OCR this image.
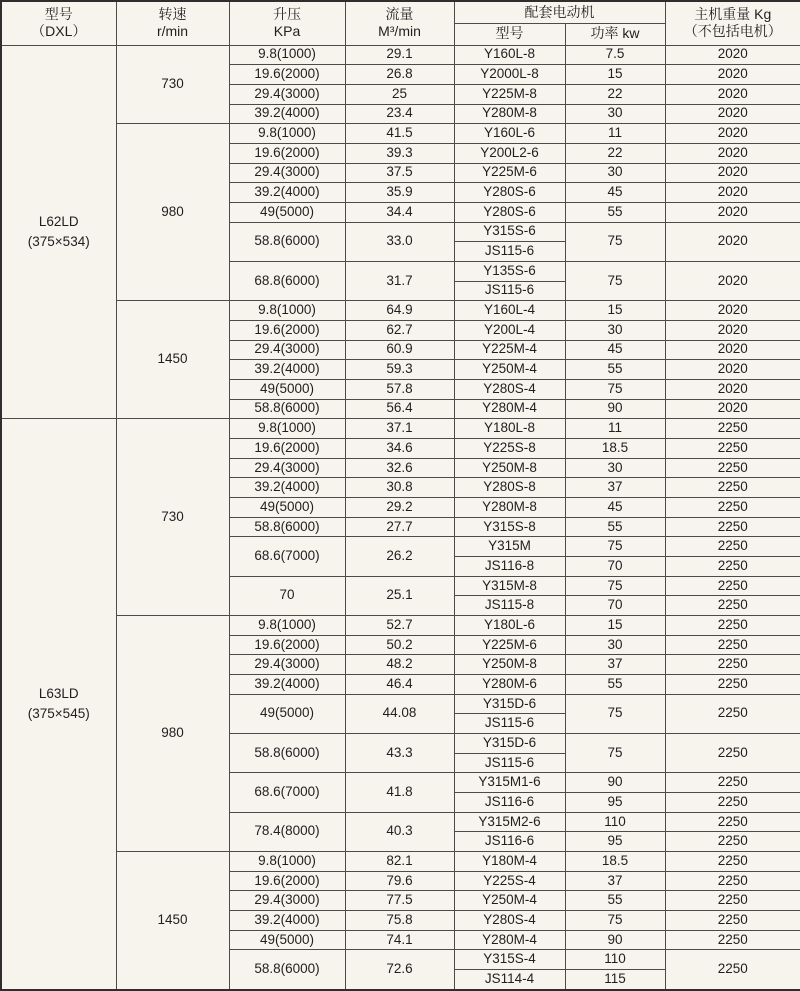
型号
（DXL）	转速
r/min	升压
KPa	流量
M³/min	配套电动机		主机重量 Kg
（不包括电机）

				型号	功率 kw	

L62LD
(375×534)	730	9.8(1000)	29.1	Y160L-8	7.5	2020
		19.6(2000)	26.8	Y2000L-8	15	2020
		29.4(3000)	25	Y225M-8	22	2020
		39.2(4000)	23.4	Y280M-8	30	2020
	980	9.8(1000)	41.5	Y160L-6	11	2020
		19.6(2000)	39.3	Y200L2-6	22	2020
		29.4(3000)	37.5	Y225M-6	30	2020
		39.2(4000)	35.9	Y280S-6	45	2020
		49(5000)	34.4	Y280S-6	55	2020
		58.8(6000)	33.0	Y315S-6	75	2020
				JS115-6		
		68.8(6000)	31.7	Y135S-6	75	2020
				JS115-6		
	1450	9.8(1000)	64.9	Y160L-4	15	2020
		19.6(2000)	62.7	Y200L-4	30	2020
		29.4(3000)	60.9	Y225M-4	45	2020
		39.2(4000)	59.3	Y250M-4	55	2020
		49(5000)	57.8	Y280S-4	75	2020
		58.8(6000)	56.4	Y280M-4	90	2020

L63LD
(375×545)	730	9.8(1000)	37.1	Y180L-8	11	2250
		19.6(2000)	34.6	Y225S-8	18.5	2250
		29.4(3000)	32.6	Y250M-8	30	2250
		39.2(4000)	30.8	Y280S-8	37	2250
		49(5000)	29.2	Y280M-8	45	2250
		58.8(6000)	27.7	Y315S-8	55	2250
		68.6(7000)	26.2	Y315M	75	2250
				JS116-8	70	2250
		70	25.1	Y315M-8	75	2250
				JS115-8	70	2250
	980	9.8(1000)	52.7	Y180L-6	15	2250
		19.6(2000)	50.2	Y225M-6	30	2250
		29.4(3000)	48.2	Y250M-8	37	2250
		39.2(4000)	46.4	Y280M-6	55	2250
		49(5000)	44.08	Y315D-6	75	2250
				JS115-6		
		58.8(6000)	43.3	Y315D-6	75	2250
				JS115-6		
		68.6(7000)	41.8	Y315M1-6	90	2250
				JS116-6	95	2250
		78.4(8000)	40.3	Y315M2-6	110	2250
				JS116-6	95	2250
	1450	9.8(1000)	82.1	Y180M-4	18.5	2250
		19.6(2000)	79.6	Y225S-4	37	2250
		29.4(3000)	77.5	Y250M-4	55	2250
		39.2(4000)	75.8	Y280S-4	75	2250
		49(5000)	74.1	Y280M-4	90	2250
		58.8(6000)	72.6	Y315S-4	110	2250
				JS114-4	115	
